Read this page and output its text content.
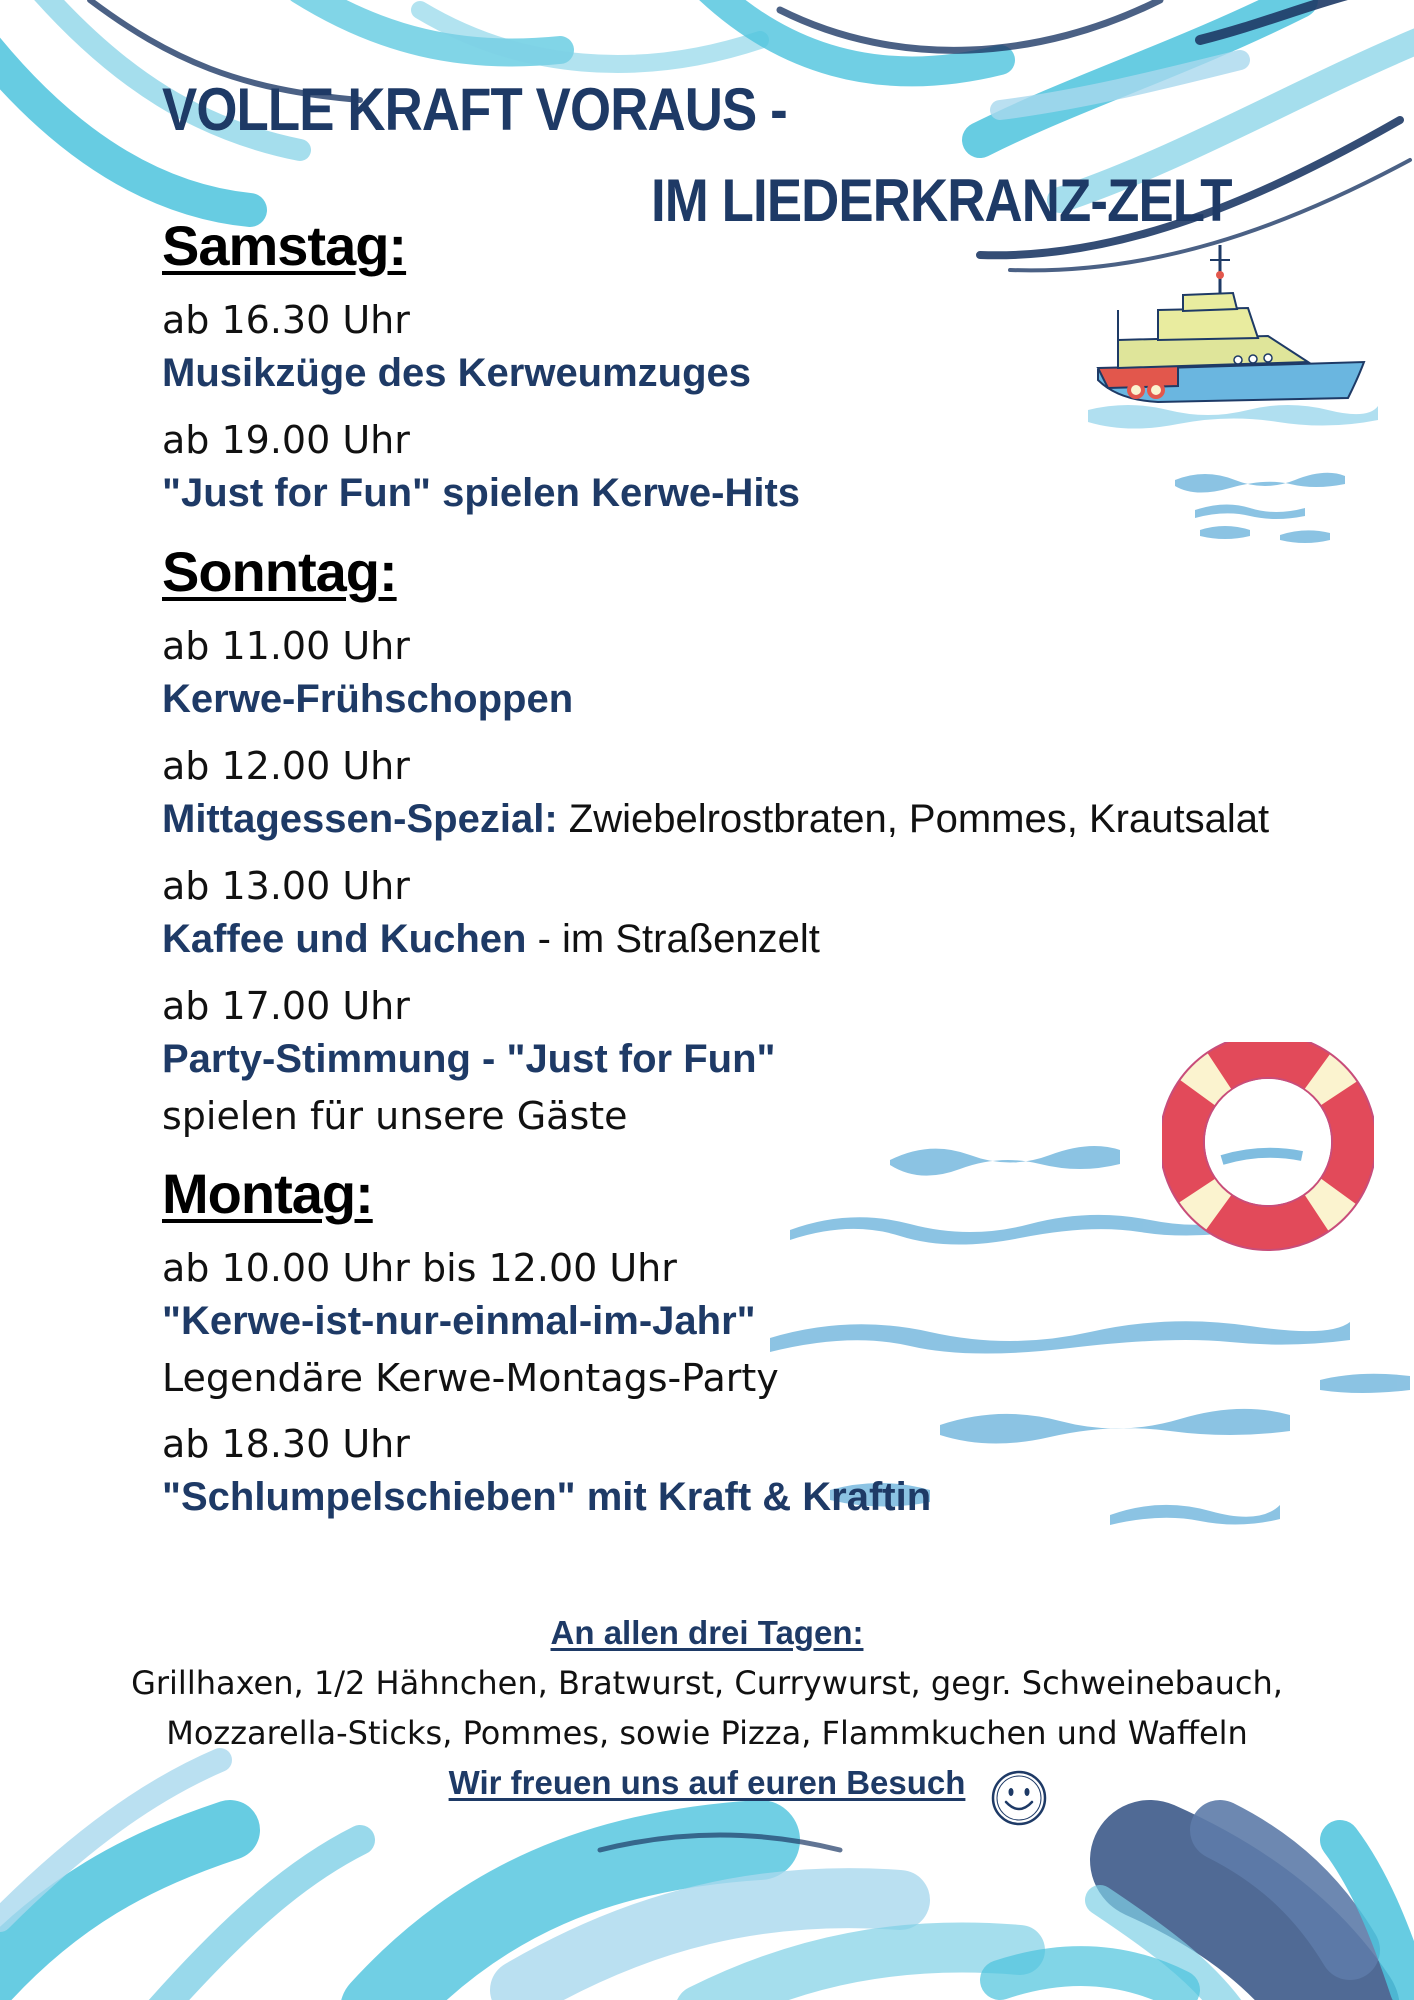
VOLLE KRAFT VORAUS -
IM LIEDERKRANZ-ZELT
Samstag:
ab 16.30 Uhr
Musikzüge des Kerweumzuges
ab 19.00 Uhr
"Just for Fun" spielen Kerwe-Hits
Sonntag:
ab 11.00 Uhr
Kerwe-Frühschoppen
ab 12.00 Uhr
Mittagessen-Spezial: Zwiebelrostbraten, Pommes, Krautsalat
ab 13.00 Uhr
Kaffee und Kuchen - im Straßenzelt
ab 17.00 Uhr
Party-Stimmung - "Just for Fun"
spielen für unsere Gäste
Montag:
ab 10.00 Uhr bis 12.00 Uhr
"Kerwe-ist-nur-einmal-im-Jahr"
Legendäre Kerwe-Montags-Party
ab 18.30 Uhr
"Schlumpelschieben" mit Kraft & Kraftin
An allen drei Tagen:
Grillhaxen, 1/2 Hähnchen, Bratwurst, Currywurst, gegr. Schweinebauch,
Mozzarella-Sticks, Pommes, sowie Pizza, Flammkuchen und Waffeln
Wir freuen uns auf euren Besuch
